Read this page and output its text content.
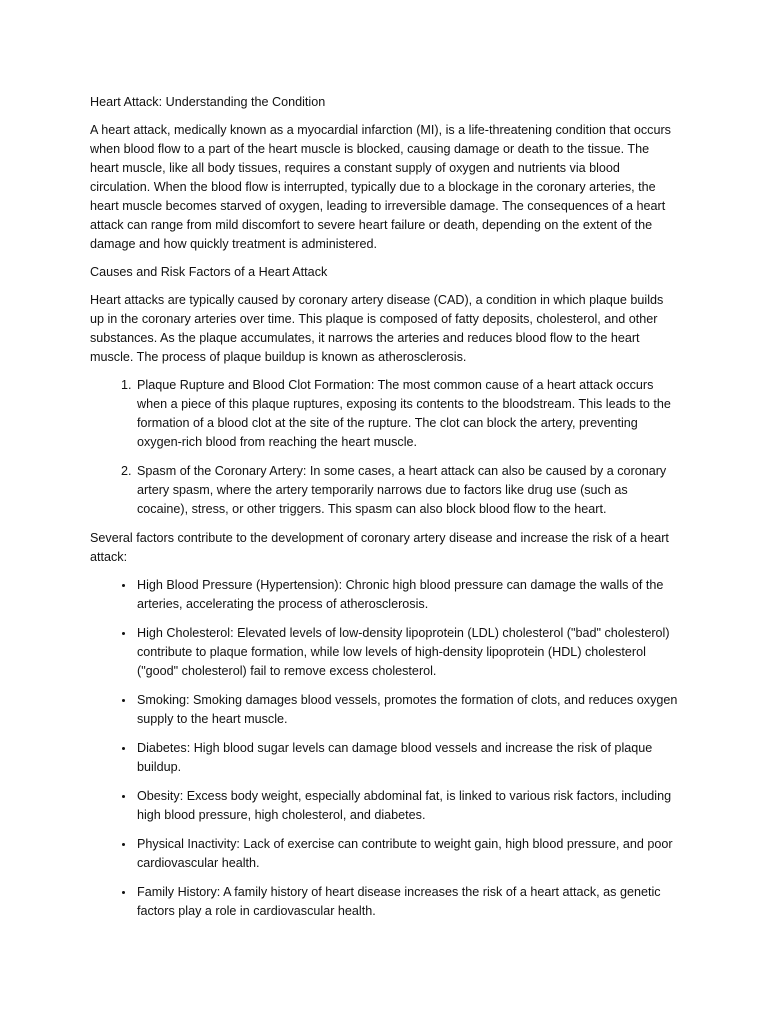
Heart Attack: Understanding the Condition

A heart attack, medically known as a myocardial infarction (MI), is a life-threatening condition that occurs when blood flow to a part of the heart muscle is blocked, causing damage or death to the tissue. The heart muscle, like all body tissues, requires a constant supply of oxygen and nutrients via blood circulation. When the blood flow is interrupted, typically due to a blockage in the coronary arteries, the heart muscle becomes starved of oxygen, leading to irreversible damage. The consequences of a heart attack can range from mild discomfort to severe heart failure or death, depending on the extent of the damage and how quickly treatment is administered.

Causes and Risk Factors of a Heart Attack

Heart attacks are typically caused by coronary artery disease (CAD), a condition in which plaque builds up in the coronary arteries over time. This plaque is composed of fatty deposits, cholesterol, and other substances. As the plaque accumulates, it narrows the arteries and reduces blood flow to the heart muscle. The process of plaque buildup is known as atherosclerosis.

1. Plaque Rupture and Blood Clot Formation: The most common cause of a heart attack occurs when a piece of this plaque ruptures, exposing its contents to the bloodstream. This leads to the formation of a blood clot at the site of the rupture. The clot can block the artery, preventing oxygen-rich blood from reaching the heart muscle.
2. Spasm of the Coronary Artery: In some cases, a heart attack can also be caused by a coronary artery spasm, where the artery temporarily narrows due to factors like drug use (such as cocaine), stress, or other triggers. This spasm can also block blood flow to the heart.

Several factors contribute to the development of coronary artery disease and increase the risk of a heart attack:

• High Blood Pressure (Hypertension): Chronic high blood pressure can damage the walls of the arteries, accelerating the process of atherosclerosis.
• High Cholesterol: Elevated levels of low-density lipoprotein (LDL) cholesterol ("bad" cholesterol) contribute to plaque formation, while low levels of high-density lipoprotein (HDL) cholesterol ("good" cholesterol) fail to remove excess cholesterol.
• Smoking: Smoking damages blood vessels, promotes the formation of clots, and reduces oxygen supply to the heart muscle.
• Diabetes: High blood sugar levels can damage blood vessels and increase the risk of plaque buildup.
• Obesity: Excess body weight, especially abdominal fat, is linked to various risk factors, including high blood pressure, high cholesterol, and diabetes.
• Physical Inactivity: Lack of exercise can contribute to weight gain, high blood pressure, and poor cardiovascular health.
• Family History: A family history of heart disease increases the risk of a heart attack, as genetic factors play a role in cardiovascular health.
